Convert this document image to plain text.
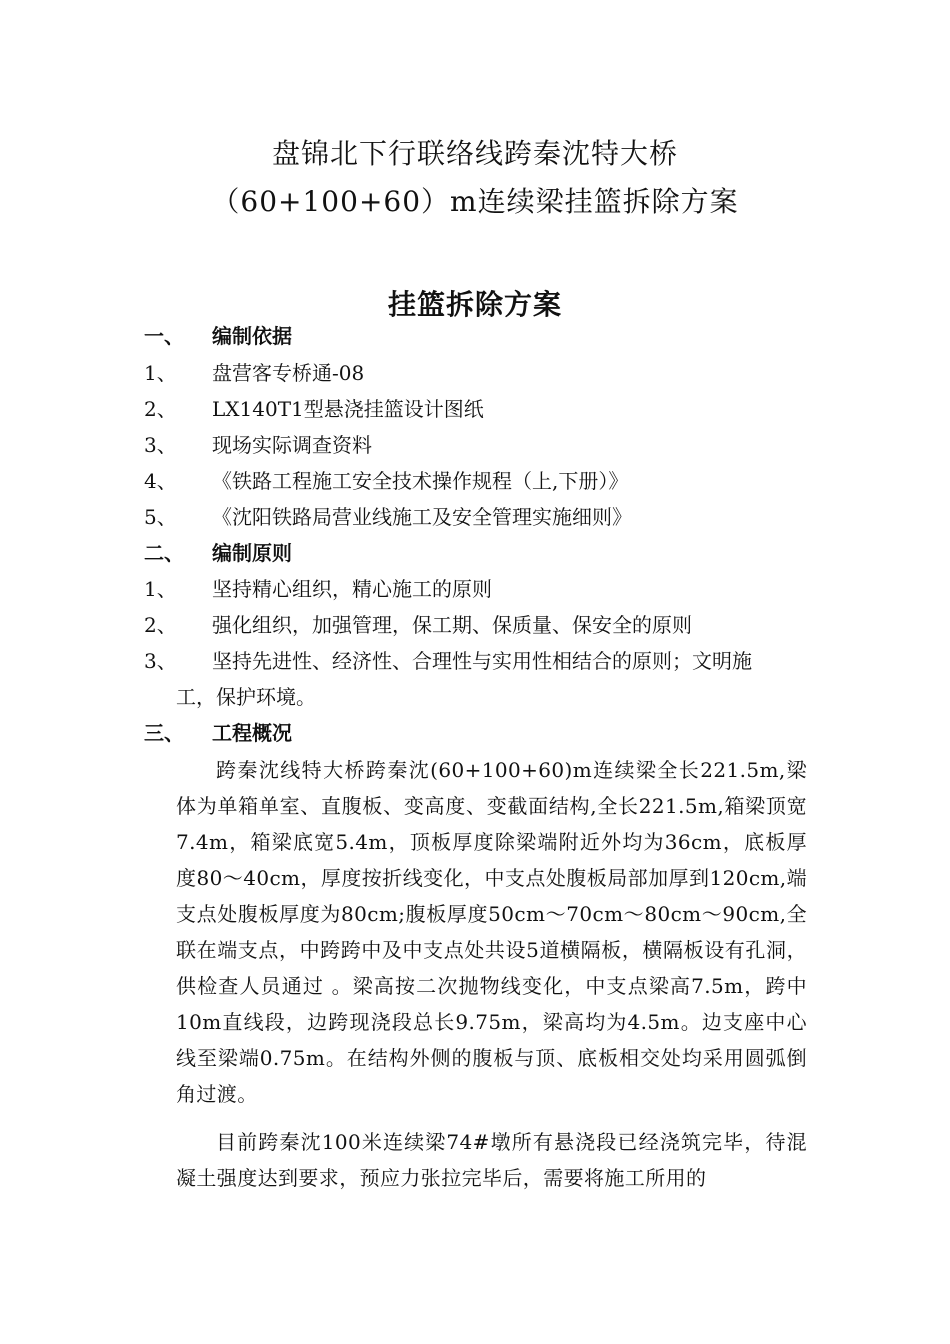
盘锦北下行联络线跨秦沈特大桥
（60+100+60）m连续梁挂篮拆除方案
挂篮拆除方案
一、 编制依据
1、 盘营客专桥通-08
2、 LX140T1型悬浇挂篮设计图纸
3、 现场实际调查资料
4、 《铁路工程施工安全技术操作规程（上,下册）》
5、 《沈阳铁路局营业线施工及安全管理实施细则》
二、 编制原则
1、 坚持精心组织，精心施工的原则
2、 强化组织，加强管理，保工期、保质量、保安全的原则
3、 坚持先进性、经济性、合理性与实用性相结合的原则；文明施
工，保护环境。
三、 工程概况
跨秦沈线特大桥跨秦沈(60+100+60)m连续梁全长221.5m,梁体为单箱单室、直腹板、变高度、变截面结构,全长221.5m,箱梁顶宽7.4m，箱梁底宽5.4m，顶板厚度除梁端附近外均为36cm，底板厚度80～40cm，厚度按折线变化，中支点处腹板局部加厚到120cm,端支点处腹板厚度为80cm;腹板厚度50cm～70cm～80cm～90cm,全联在端支点，中跨跨中及中支点处共设5道横隔板，横隔板设有孔洞，供检查人员通过 。梁高按二次抛物线变化，中支点梁高7.5m，跨中10m直线段，边跨现浇段总长9.75m，梁高均为4.5m。边支座中心线至梁端0.75m。在结构外侧的腹板与顶、底板相交处均采用圆弧倒角过渡。
目前跨秦沈100米连续梁74#墩所有悬浇段已经浇筑完毕，待混凝土强度达到要求，预应力张拉完毕后，需要将施工所用的
